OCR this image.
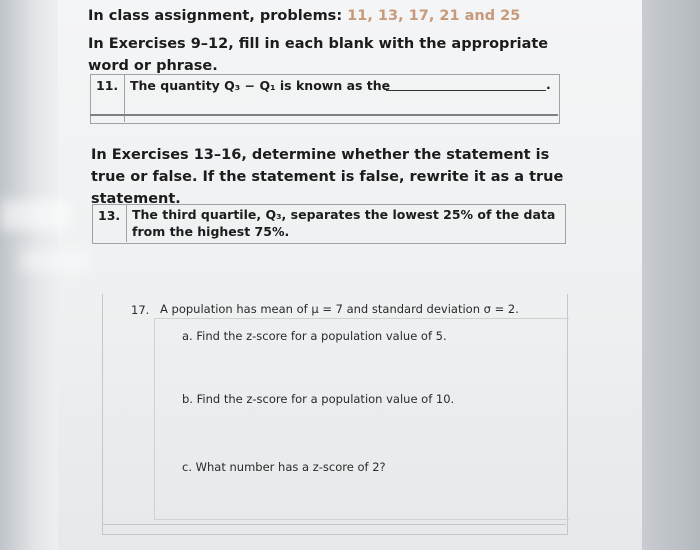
In class assignment, problems: 11, 13, 17, 21 and 25
In Exercises 9–12, fill in each blank with the appropriate
word or phrase.
11. The quantity Q₃ − Q₁ is known as the	.
In Exercises 13–16, determine whether the statement is
true or false. If the statement is false, rewrite it as a true
statement.
13. The third quartile, Q₃, separates the lowest 25% of the data
from the highest 75%.
17. A population has mean of μ = 7 and standard deviation σ = 2.
a. Find the z-score for a population value of 5.
b. Find the z-score for a population value of 10.
c. What number has a z-score of 2?
